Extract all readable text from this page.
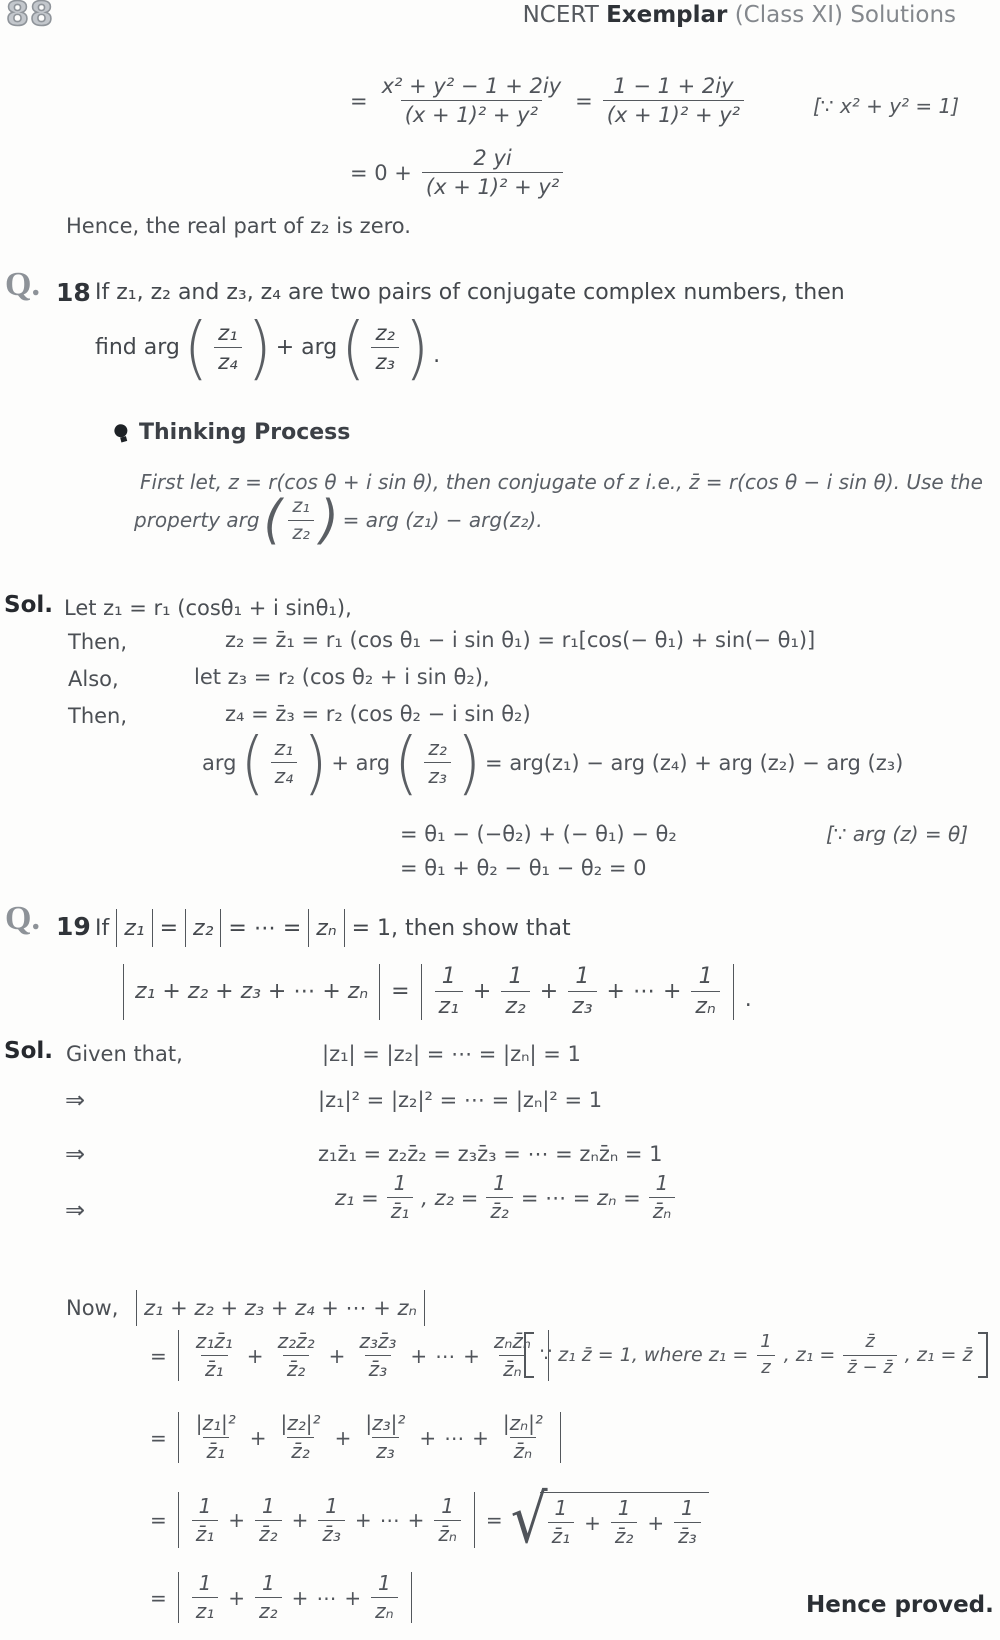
88	NCERT Exemplar (Class XI) Solutions
= $\frac{\text{x² + y² − 1 + 2iy}}{\text{(x + 1)² + y²}} = \frac{1 - 1 + 2iy}{\text{(x + 1)² + y²}}$	[∵ x² + y² = 1]
= $0 + \frac{2 yi}{\text{(x + 1)² + y²}}$
Hence, the real part of z₂ is zero.
Q. 18 If z₁, z₂ and z₃, z₄ are two pairs of conjugate complex numbers, then
find arg ( $\frac{\text{z₁}}{\text{z₄}}$ ) + arg ( $\frac{\text{z₂}}{\text{z₃}}$ ) .
Thinking Process
First let, z = r(cos θ + i sin θ), then conjugate of z i.e., z̄ = r(cos θ − i sin θ). Use the
property arg ( $\frac{\text{z₁}}{\text{z₂}}$ ) = arg (z₁) − arg(z₂).
Sol. Let z₁ = r₁ (cosθ₁ + i sinθ₁),
Then,	z₂ = z̄₁ = r₁ (cos θ₁ − i sin θ₁) = r₁[cos(− θ₁) + sin(− θ₁)]
Also,	let z₃ = r₂ (cos θ₂ + i sin θ₂),
Then,	z₄ = z̄₃ = r₂ (cos θ₂ − i sin θ₂)
arg ( $\frac{\text{z₁}}{\text{z₄}}$ ) + arg ( $\frac{\text{z₂}}{\text{z₃}}$ ) = arg(z₁) − arg (z₄) + arg (z₂) − arg (z₃)
= θ₁ − (−θ₂) + (− θ₁) − θ₂	[∵ arg (z) = θ]
= θ₁ + θ₂ − θ₁ − θ₂ = 0
Q. 19 If z₁ = z₂ = ⋯ = zₙ = 1, then show that
z₁ + z₂ + z₃ + ⋯ + $z_n = \frac{1}{\text{z₁}} + \frac{1}{\text{z₂}} + \frac{1}{\text{z₃}}$ + ⋯ + $\frac{1}{\text{zₙ}}$ .
Sol. Given that,	|z₁| = |z₂| = ⋯ = |zₙ| = 1
⇒	|z₁|² = |z₂|² = ⋯ = |zₙ|² = 1
⇒	z₁z̄₁ = z₂z̄₂ = z₃z̄₃ = ⋯ = zₙz̄ₙ = 1
⇒	$z_1 = \frac{1}{\text{z̄₁}}$ , $z_2 = \frac{1}{\text{z̄₂}}$ = ⋯ = $z_n = \frac{1}{\text{z̄ₙ}}$
Now, z₁ + z₂ + z₃ + z₄ + ⋯ + zₙ
= $\frac{\text{z₁z̄₁}}{\text{z̄₁}} + \frac{\text{z₂z̄₂}}{\text{z̄₂}} + \frac{\text{z₃z̄₃}}{\text{z̄₃}}$ + ⋯ + $\frac{\text{zₙz̄ₙ}}{\text{z̄ₙ}}$ ∵ z₁ z̄ = 1, where $z_1 = \frac{1}{z}$ , $z_1 = \frac{z̄}{z̄ - z̄}$ , z₁ = z̄
= $\frac{\text{|z₁|²}}{\text{z̄₁}} + \frac{\text{|z₂|²}}{\text{z̄₂}} + \frac{\text{|z₃|²}}{\text{z₃}}$ + ⋯ + $\frac{\text{|zₙ|²}}{\text{z̄ₙ}}$
= $\frac{1}{\text{z̄₁}} + \frac{1}{\text{z̄₂}} + \frac{1}{\text{z̄₃}}$ + ⋯ + $\frac{1}{\text{z̄ₙ}}$ = √ $\frac{1}{\text{z̄₁}} + \frac{1}{\text{z̄₂}} + \frac{1}{\text{z̄₃}}$
= $\frac{1}{\text{z₁}} + \frac{1}{\text{z₂}}$ + ⋯ + $\frac{1}{\text{zₙ}}$	Hence proved.
